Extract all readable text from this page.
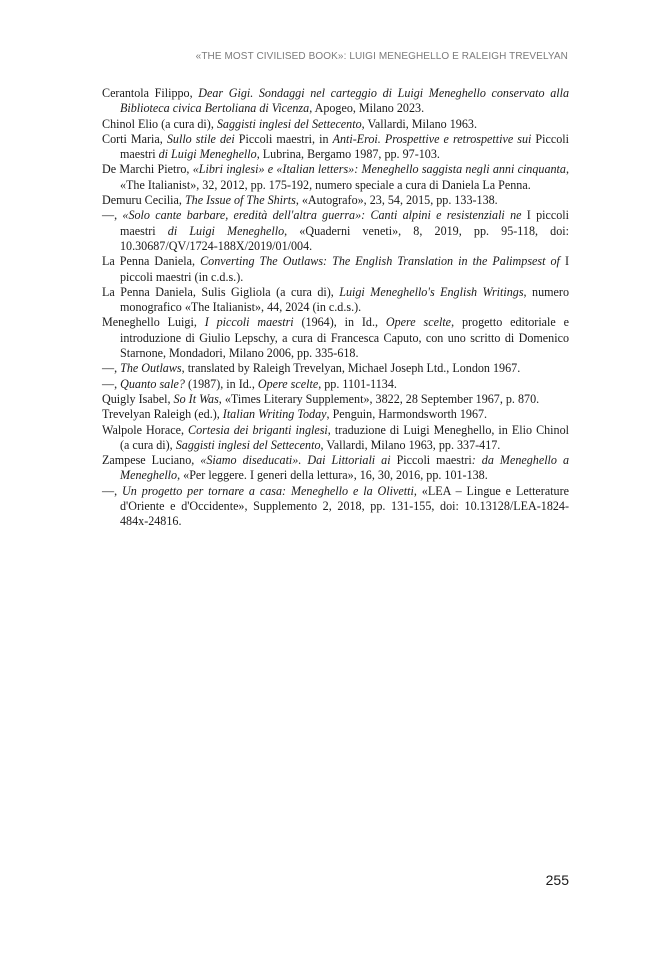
«THE MOST CIVILISED BOOK»: LUIGI MENEGHELLO E RALEIGH TREVELYAN
Cerantola Filippo, Dear Gigi. Sondaggi nel carteggio di Luigi Meneghello conservato alla Biblioteca civica Bertoliana di Vicenza, Apogeo, Milano 2023.
Chinol Elio (a cura di), Saggisti inglesi del Settecento, Vallardi, Milano 1963.
Corti Maria, Sullo stile dei Piccoli maestri, in Anti-Eroi. Prospettive e retrospettive sui Piccoli maestri di Luigi Meneghello, Lubrina, Bergamo 1987, pp. 97-103.
De Marchi Pietro, «Libri inglesi» e «Italian letters»: Meneghello saggista negli anni cinquanta, «The Italianist», 32, 2012, pp. 175-192, numero speciale a cura di Daniela La Penna.
Demuru Cecilia, The Issue of The Shirts, «Autografo», 23, 54, 2015, pp. 133-138.
—, «Solo cante barbare, eredità dell'altra guerra»: Canti alpini e resistenziali ne I piccoli maestri di Luigi Meneghello, «Quaderni veneti», 8, 2019, pp. 95-118, doi: 10.30687/QV/1724-188X/2019/01/004.
La Penna Daniela, Converting The Outlaws: The English Translation in the Palimpsest of I piccoli maestri (in c.d.s.).
La Penna Daniela, Sulis Gigliola (a cura di), Luigi Meneghello's English Writings, numero monografico «The Italianist», 44, 2024 (in c.d.s.).
Meneghello Luigi, I piccoli maestri (1964), in Id., Opere scelte, progetto editoriale e introduzione di Giulio Lepschy, a cura di Francesca Caputo, con uno scritto di Domenico Starnone, Mondadori, Milano 2006, pp. 335-618.
—, The Outlaws, translated by Raleigh Trevelyan, Michael Joseph Ltd., London 1967.
—, Quanto sale? (1987), in Id., Opere scelte, pp. 1101-1134.
Quigly Isabel, So It Was, «Times Literary Supplement», 3822, 28 September 1967, p. 870.
Trevelyan Raleigh (ed.), Italian Writing Today, Penguin, Harmondsworth 1967.
Walpole Horace, Cortesia dei briganti inglesi, traduzione di Luigi Meneghello, in Elio Chinol (a cura di), Saggisti inglesi del Settecento, Vallardi, Milano 1963, pp. 337-417.
Zampese Luciano, «Siamo diseducati». Dai Littoriali ai Piccoli maestri: da Meneghello a Meneghello, «Per leggere. I generi della lettura», 16, 30, 2016, pp. 101-138.
—, Un progetto per tornare a casa: Meneghello e la Olivetti, «LEA – Lingue e Letterature d'Oriente e d'Occidente», Supplemento 2, 2018, pp. 131-155, doi: 10.13128/LEA-1824-484x-24816.
255
